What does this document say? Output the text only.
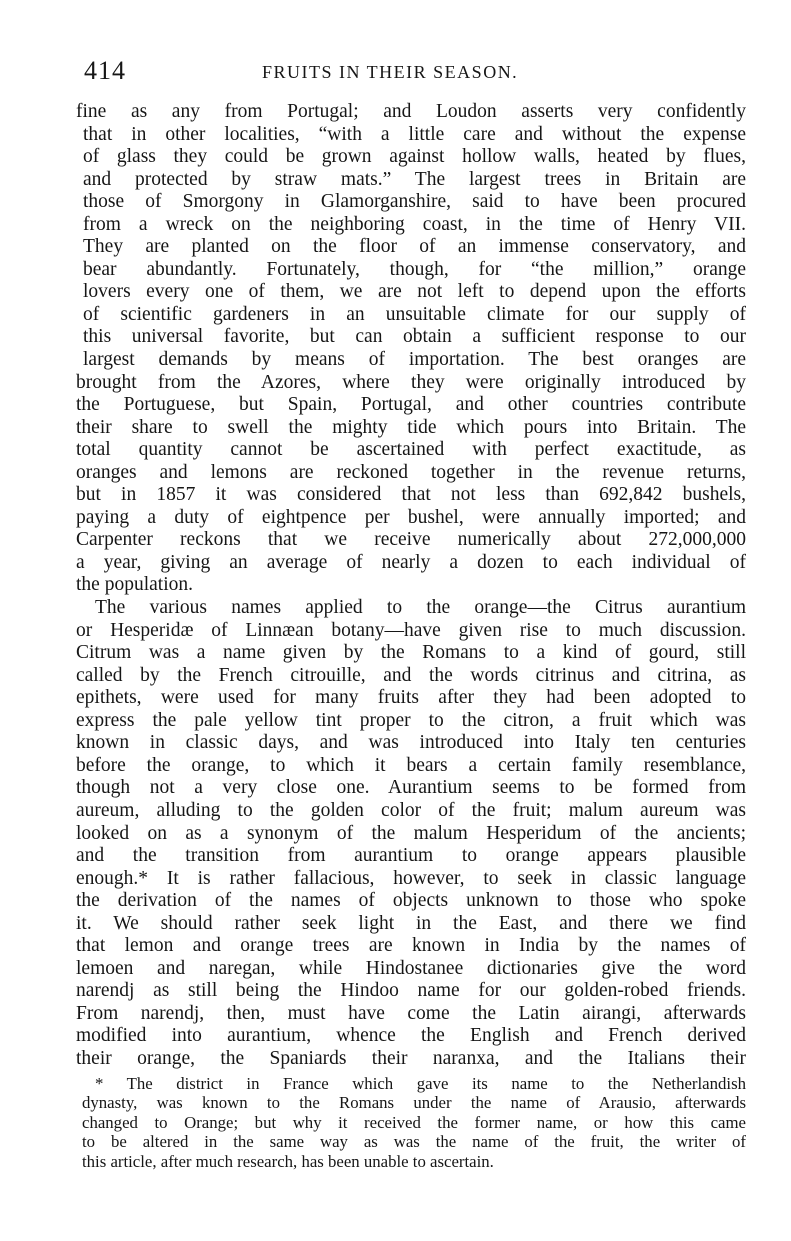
414	FRUITS IN THEIR SEASON.
fine as any from Portugal; and Loudon asserts very confidently
that in other localities, “with a little care and without the expense
of glass they could be grown against hollow walls, heated by flues,
and protected by straw mats.” The largest trees in Britain are
those of Smorgony in Glamorganshire, said to have been procured
from a wreck on the neighboring coast, in the time of Henry VII.
They are planted on the floor of an immense conservatory, and
bear abundantly. Fortunately, though, for “the million,” orange
lovers every one of them, we are not left to depend upon the efforts
of scientific gardeners in an unsuitable climate for our supply of
this universal favorite, but can obtain a sufficient response to our
largest demands by means of importation. The best oranges are
brought from the Azores, where they were originally introduced by
the Portuguese, but Spain, Portugal, and other countries contribute
their share to swell the mighty tide which pours into Britain. The
total quantity cannot be ascertained with perfect exactitude, as
oranges and lemons are reckoned together in the revenue returns,
but in 1857 it was considered that not less than 692,842 bushels,
paying a duty of eightpence per bushel, were annually imported; and
Carpenter reckons that we receive numerically about 272,000,000
a year, giving an average of nearly a dozen to each individual of
the population.
The various names applied to the orange—the Citrus aurantium
or Hesperidæ of Linnæan botany—have given rise to much discussion.
Citrum was a name given by the Romans to a kind of gourd, still
called by the French citrouille, and the words citrinus and citrina, as
epithets, were used for many fruits after they had been adopted to
express the pale yellow tint proper to the citron, a fruit which was
known in classic days, and was introduced into Italy ten centuries
before the orange, to which it bears a certain family resemblance,
though not a very close one. Aurantium seems to be formed from
aureum, alluding to the golden color of the fruit; malum aureum was
looked on as a synonym of the malum Hesperidum of the ancients;
and the transition from aurantium to orange appears plausible
enough.* It is rather fallacious, however, to seek in classic language
the derivation of the names of objects unknown to those who spoke
it. We should rather seek light in the East, and there we find
that lemon and orange trees are known in India by the names of
lemoen and naregan, while Hindostanee dictionaries give the word
narendj as still being the Hindoo name for our golden-robed friends.
From narendj, then, must have come the Latin airangi, afterwards
modified into aurantium, whence the English and French derived
their orange, the Spaniards their naranxa, and the Italians their
* The district in France which gave its name to the Netherlandish
dynasty, was known to the Romans under the name of Arausio, afterwards
changed to Orange; but why it received the former name, or how this came
to be altered in the same way as was the name of the fruit, the writer of
this article, after much research, has been unable to ascertain.
